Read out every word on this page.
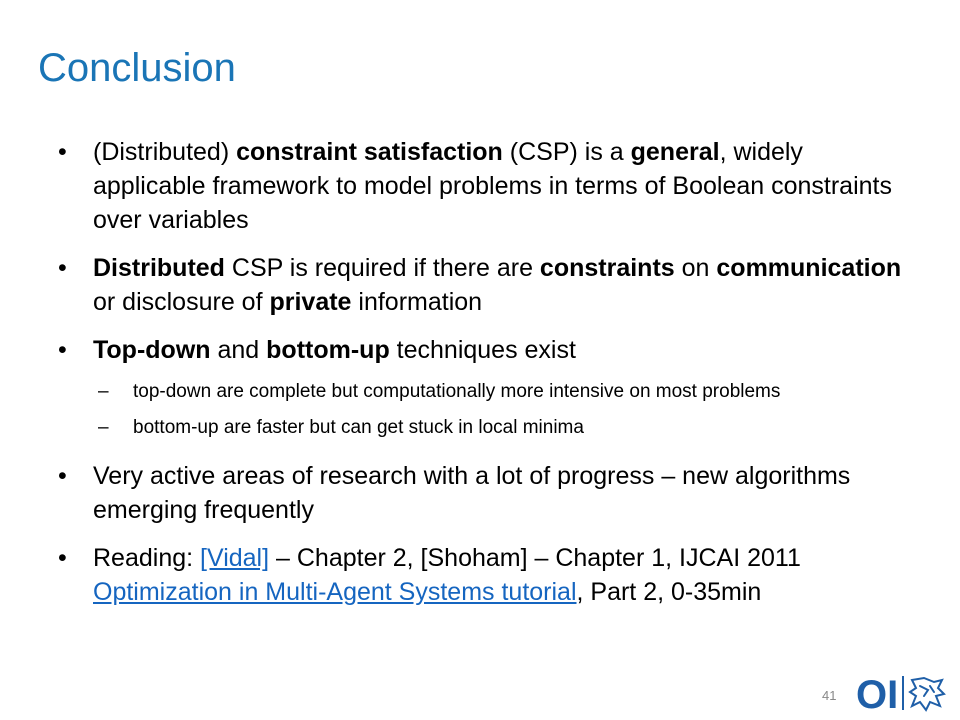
Conclusion
• (Distributed) constraint satisfaction (CSP) is a general, widely applicable framework to model problems in terms of Boolean constraints over variables
• Distributed CSP is required if there are constraints on communication or disclosure of private information
• Top-down and bottom-up techniques exist
– top-down are complete but computationally more intensive on most problems
– bottom-up are faster but can get stuck in local minima
• Very active areas of research with a lot of progress – new algorithms emerging frequently
• Reading: [Vidal] – Chapter 2, [Shoham] – Chapter 1, IJCAI 2011 Optimization in Multi-Agent Systems tutorial, Part 2, 0-35min
41 OI
